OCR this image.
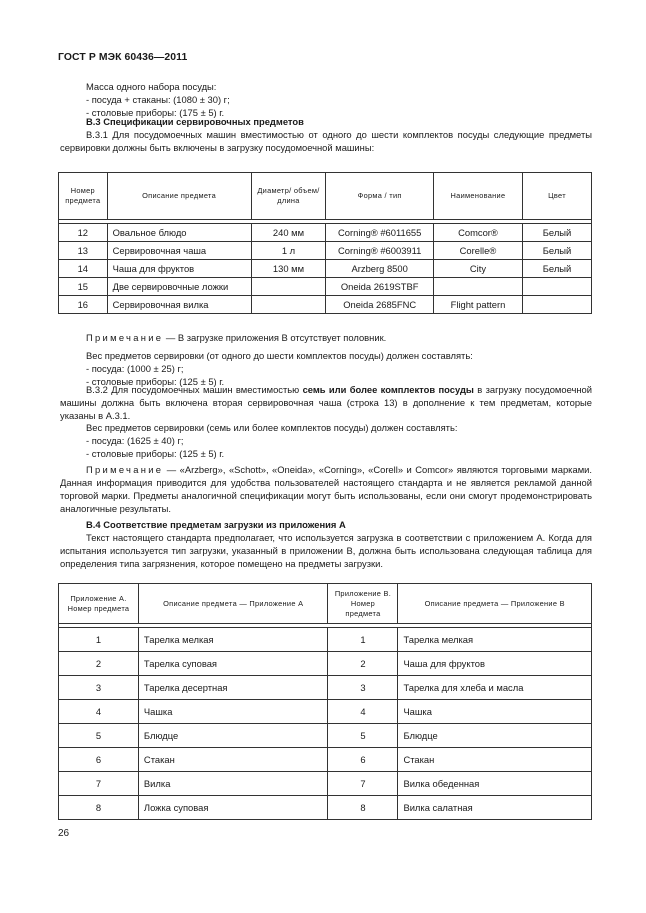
ГОСТ Р МЭК 60436—2011
Масса одного набора посуды:
- посуда + стаканы: (1080 ± 30) г;
- столовые приборы: (175 ± 5) г.
В.3 Спецификации сервировочных предметов
В.3.1 Для посудомоечных машин вместимостью от одного до шести комплектов посуды следующие предметы сервировки должны быть включены в загрузку посудомоечной машины:
Номер предмета	Описание предмета	Диаметр/ объем/ длина	Форма / тип	Наименование	Цвет

12	Овальное блюдо	240 мм	Corning® #6011655	Comcor®	Белый
13	Сервировочная чаша	1 л	Corning® #6003911	Corelle®	Белый
14	Чаша для фруктов	130 мм	Arzberg 8500	City	Белый
15	Две сервировочные ложки		Oneida 2619STBF		
16	Сервировочная вилка		Oneida 2685FNC	Flight pattern	
Примечание — В загрузке приложения В отсутствует половник.
Вес предметов сервировки (от одного до шести комплектов посуды) должен составлять:
- посуда: (1000 ± 25) г;
- столовые приборы: (125 ± 5) г.
В.3.2 Для посудомоечных машин вместимостью семь или более комплектов посуды в загрузку посудомоечной машины должна быть включена вторая сервировочная чаша (строка 13) в дополнение к тем предметам, которые указаны в А.3.1.
Вес предметов сервировки (семь или более комплектов посуды) должен составлять:
- посуда: (1625 ± 40) г;
- столовые приборы: (125 ± 5) г.
Примечание — «Arzberg», «Schott», «Oneida», «Corning», «Corell» и Comcor» являются торговыми марками. Данная информация приводится для удобства пользователей настоящего стандарта и не является рекламой данной торговой марки. Предметы аналогичной спецификации могут быть использованы, если они смогут продемонстрировать аналогичные результаты.
В.4 Соответствие предметам загрузки из приложения А
Текст настоящего стандарта предполагает, что используется загрузка в соответствии с приложением А. Когда для испытания используется тип загрузки, указанный в приложении В, должна быть использована следующая таблица для определения типа загрязнения, которое помещено на предметы загрузки.
Приложение А. Номер предмета	Описание предмета — Приложение А	Приложение В. Номер предмета	Описание предмета — Приложение В

1	Тарелка мелкая	1	Тарелка мелкая
2	Тарелка суповая	2	Чаша для фруктов
3	Тарелка десертная	3	Тарелка для хлеба и масла
4	Чашка	4	Чашка
5	Блюдце	5	Блюдце
6	Стакан	6	Стакан
7	Вилка	7	Вилка обеденная
8	Ложка суповая	8	Вилка салатная
26
